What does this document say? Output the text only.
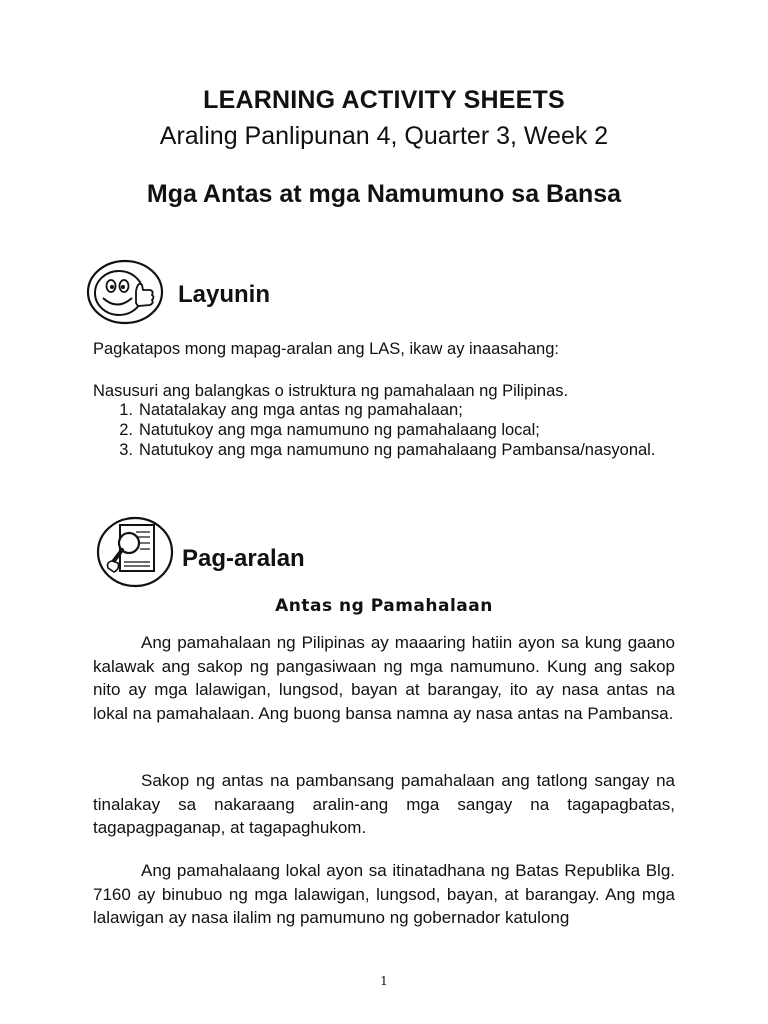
LEARNING ACTIVITY SHEETS
Araling Panlipunan 4, Quarter 3, Week 2
Mga Antas at mga Namumuno sa Bansa
Layunin
Pagkatapos mong mapag-aralan ang LAS, ikaw ay inaasahang:
Nasusuri ang balangkas o istruktura ng pamahalaan ng Pilipinas.
1. Natatalakay ang mga antas ng pamahalaan;
2. Natutukoy ang mga namumuno ng pamahalaang local;
3. Natutukoy ang mga namumuno ng pamahalaang Pambansa/nasyonal.
Pag-aralan
Antas ng Pamahalaan
Ang pamahalaan ng Pilipinas ay maaaring hatiin ayon sa kung gaano kalawak ang sakop ng pangasiwaan ng mga namumuno. Kung ang sakop nito ay mga lalawigan, lungsod, bayan at barangay, ito ay nasa antas na lokal na pamahalaan. Ang buong bansa namna ay nasa antas na Pambansa.
Sakop ng antas na pambansang pamahalaan ang tatlong sangay na tinalakay sa nakaraang aralin-ang mga sangay na tagapagbatas, tagapagpaganap, at tagapaghukom.
Ang pamahalaang lokal ayon sa itinatadhana ng Batas Republika Blg. 7160 ay binubuo ng mga lalawigan, lungsod, bayan, at barangay. Ang mga lalawigan ay nasa ilalim ng pamumuno ng gobernador katulong
1
